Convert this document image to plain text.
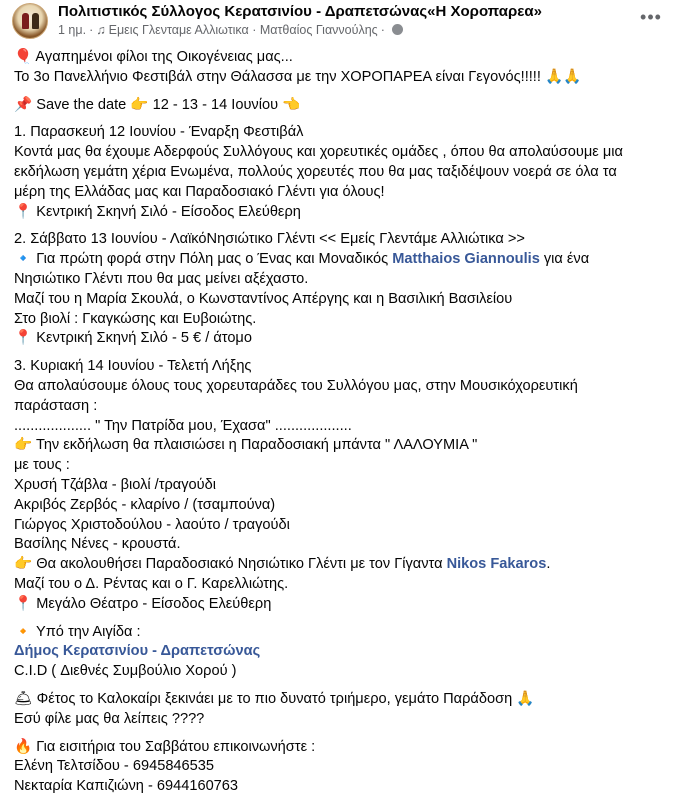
Πολιτιστικός Σύλλογος Κερατσινίου - Δραπετσώνας«Η Χοροπαρεα»
1 ημ. · ♫ Εμεις Γλενταμε Αλλιωτικα · Ματθαίος Γιαννούλης ·
•••

🎈 Αγαπημένοι φίλοι της Οικογένειας μας...

Το 3ο Πανελλήνιο Φεστιβάλ στην Θάλασσα με την ΧΟΡΟΠΑΡΕΑ είναι Γεγονός!!!!! 🙏🙏

📌 Save the date 👉 12 - 13 - 14 Ιουνίου 👈

1. Παρασκευή 12 Ιουνίου - Έναρξη Φεστιβάλ

Κοντά μας θα έχουμε Αδερφούς Συλλόγους και χορευτικές ομάδες , όπου θα απολαύσουμε μια

εκδήλωση γεμάτη χέρια Ενωμένα, πολλούς χορευτές που θα μας ταξιδέψουν νοερά σε όλα τα

μέρη της Ελλάδας μας και Παραδοσιακό Γλέντι για όλους!

📍 Κεντρική Σκηνή Σιλό - Είσοδος Ελεύθερη

2. Σάββατο 13 Ιουνίου - ΛαϊκόΝησιώτικο Γλέντι << Εμείς Γλεντάμε Αλλιώτικα >>

🔹 Για πρώτη φορά στην Πόλη μας ο Ένας και Μοναδικός Matthaios Giannoulis για ένα

Νησιώτικο Γλέντι που θα μας μείνει αξέχαστο.

Μαζί του η Μαρία Σκουλά, ο Κωνσταντίνος Απέργης και η Βασιλική Βασιλείου

Στο βιολί : Γκαγκώσης και Ευβοιώτης.

📍 Κεντρική Σκηνή Σιλό - 5 € / άτομο

3. Κυριακή 14 Ιουνίου - Τελετή Λήξης

Θα απολαύσουμε όλους τους χορευταράδες του Συλλόγου μας, στην Μουσικόχορευτική

παράσταση :

................... " Την Πατρίδα μου, Έχασα" ...................

👉 Την εκδήλωση θα πλαισιώσει η Παραδοσιακή μπάντα " ΛΑΛΟΥΜΙΑ "

με τους :

Χρυσή Τζάβλα - βιολί /τραγούδι

Ακριβός Ζερβός - κλαρίνο / (τσαμπούνα)

Γιώργος Χριστοδούλου - λαούτο / τραγούδι

Βασίλης Νένες - κρουστά.

👉 Θα ακολουθήσει Παραδοσιακό Νησιώτικο Γλέντι με τον Γίγαντα Nikos Fakaros.

Μαζί του ο Δ. Ρέντας και ο Γ. Καρελλιώτης.

📍 Μεγάλο Θέατρο - Είσοδος Ελεύθερη

🔸 Υπό την Αιγίδα :

Δήμος Κερατσινίου - Δραπετσώνας

C.I.D ( Διεθνές Συμβούλιο Χορού )

🛎 Φέτος το Καλοκαίρι ξεκινάει με το πιο δυνατό τριήμερο, γεμάτο Παράδοση 🙏

Εσύ φίλε μας θα λείπεις ????

🔥 Για εισιτήρια του Σαββάτου επικοινωνήστε :

Ελένη Τελτσίδου - 6945846535

Νεκταρία Καπιζιώνη - 6944160763
